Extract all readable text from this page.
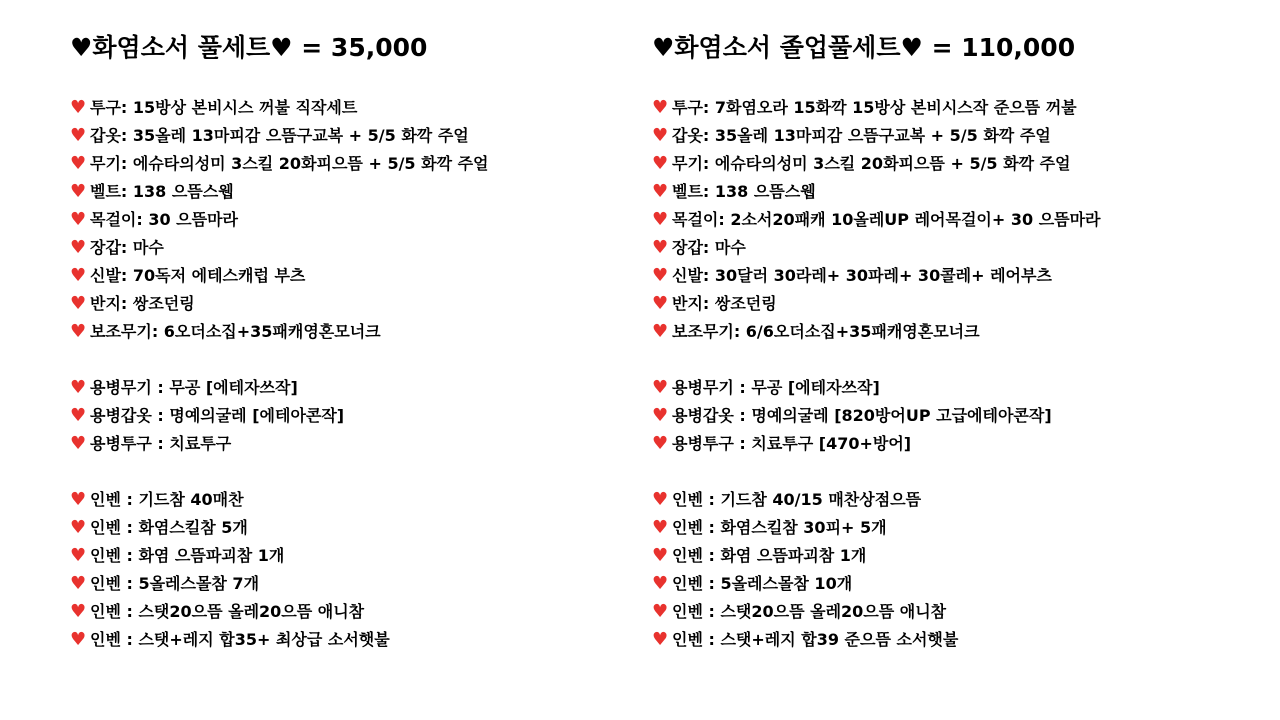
♥화염소서 풀세트♥ = 35,000
♥ 투구: 15방상 본비시스 꺼불 직작세트
♥ 갑옷: 35올레 13마피감 으뜸구교복 + 5/5 화깍 주얼
♥ 무기: 에슈타의성미 3스킬 20화피으뜸 + 5/5 화깍 주얼
♥ 벨트: 138 으뜸스웹
♥ 목걸이: 30 으뜸마라
♥ 장갑: 마수
♥ 신발: 70독저 에테스캐럽 부츠
♥ 반지: 쌍조던링
♥ 보조무기: 6오더소집+35패캐영혼모너크
♥ 용병무기 : 무공 [에테자쓰작]
♥ 용병갑옷 : 명예의굴레 [에테아콘작]
♥ 용병투구 : 치료투구
♥ 인벤 : 기드참 40매찬
♥ 인벤 : 화염스킬참 5개
♥ 인벤 : 화염 으뜸파괴참 1개
♥ 인벤 : 5올레스몰참 7개
♥ 인벤 : 스탯20으뜸 올레20으뜸 애니참
♥ 인벤 : 스탯+레지 합35+ 최상급 소서햇불
♥화염소서 졸업풀세트♥ = 110,000
♥ 투구: 7화염오라 15화깍 15방상 본비시스작 준으뜸 꺼불
♥ 갑옷: 35올레 13마피감 으뜸구교복 + 5/5 화깍 주얼
♥ 무기: 에슈타의성미 3스킬 20화피으뜸 + 5/5 화깍 주얼
♥ 벨트: 138 으뜸스웹
♥ 목걸이: 2소서20패캐 10올레UP 레어목걸이+ 30 으뜸마라
♥ 장갑: 마수
♥ 신발: 30달러 30라레+ 30파레+ 30콜레+ 레어부츠
♥ 반지: 쌍조던링
♥ 보조무기: 6/6오더소집+35패캐영혼모너크
♥ 용병무기 : 무공 [에테자쓰작]
♥ 용병갑옷 : 명예의굴레 [820방어UP 고급에테아콘작]
♥ 용병투구 : 치료투구 [470+방어]
♥ 인벤 : 기드참 40/15 매찬상점으뜸
♥ 인벤 : 화염스킬참 30피+ 5개
♥ 인벤 : 화염 으뜸파괴참 1개
♥ 인벤 : 5올레스몰참 10개
♥ 인벤 : 스탯20으뜸 올레20으뜸 애니참
♥ 인벤 : 스탯+레지 합39 준으뜸 소서햇불
